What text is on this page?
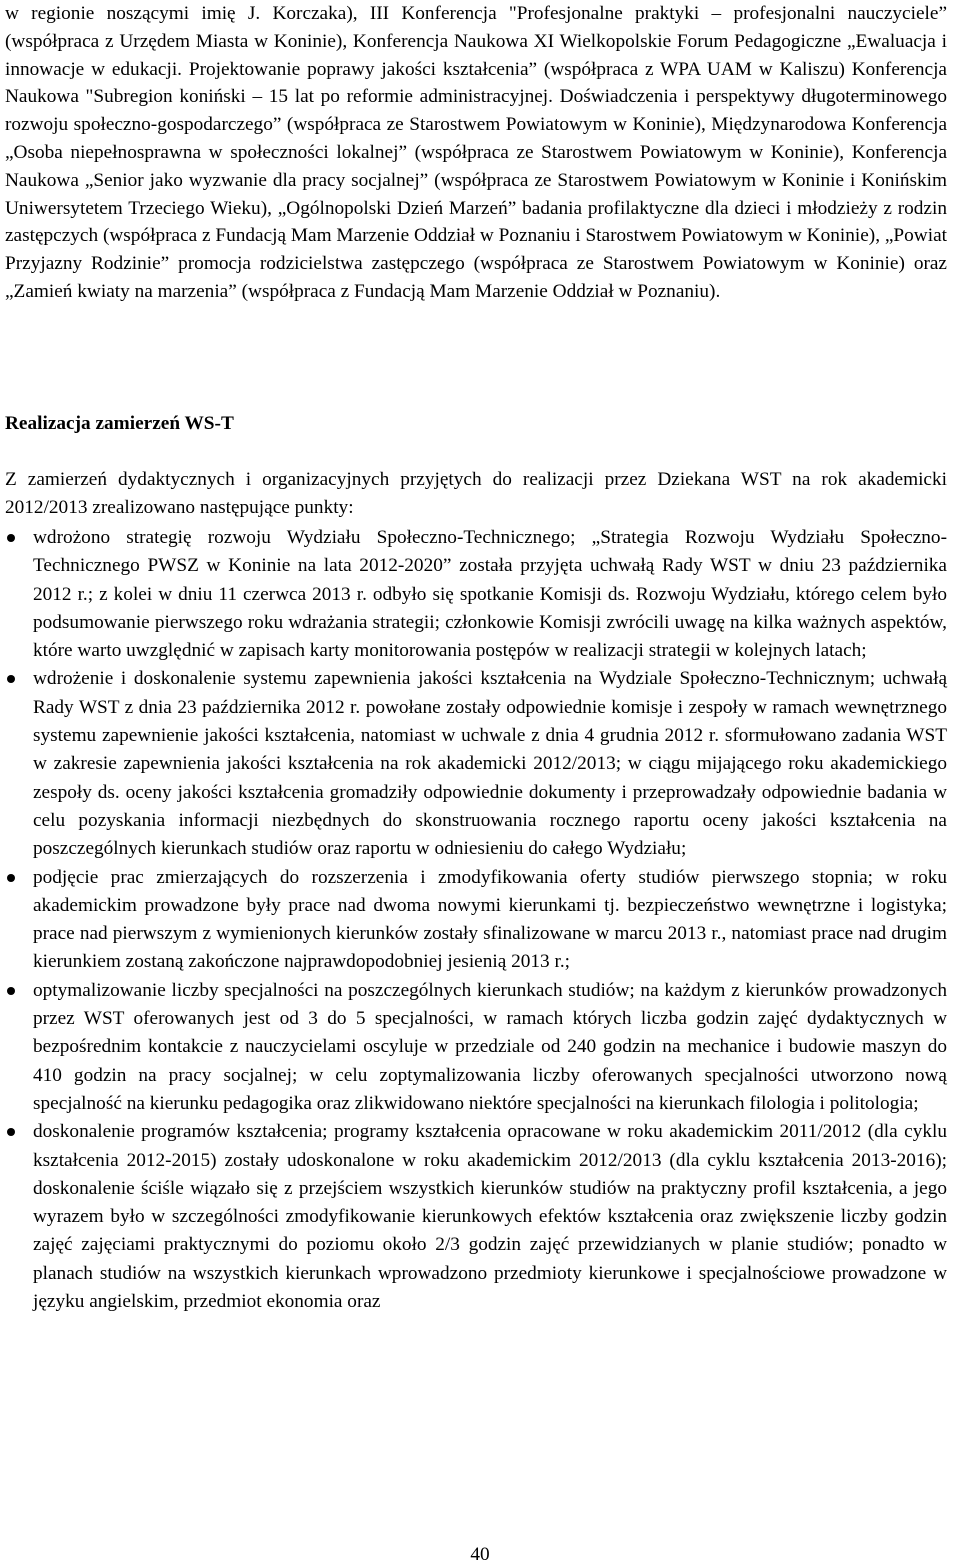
w regionie noszącymi imię J. Korczaka), III Konferencja "Profesjonalne praktyki – profesjonalni nauczyciele” (współpraca z Urzędem Miasta w Koninie), Konferencja Naukowa XI Wielkopolskie Forum Pedagogiczne „Ewaluacja i innowacje w edukacji. Projektowanie poprawy jakości kształcenia” (współpraca z WPA UAM w Kaliszu) Konferencja Naukowa "Subregion koniński – 15 lat po reformie administracyjnej. Doświadczenia i perspektywy długoterminowego rozwoju społeczno-gospodarczego” (współpraca ze Starostwem Powiatowym w Koninie), Międzynarodowa Konferencja „Osoba niepełnosprawna w społeczności lokalnej” (współpraca ze Starostwem Powiatowym w Koninie), Konferencja Naukowa „Senior jako wyzwanie dla pracy socjalnej” (współpraca ze Starostwem Powiatowym w Koninie i Konińskim Uniwersytetem Trzeciego Wieku), „Ogólnopolski Dzień Marzeń” badania profilaktyczne dla dzieci i młodzieży z rodzin zastępczych (współpraca z Fundacją Mam Marzenie Oddział w Poznaniu i Starostwem Powiatowym w Koninie), „Powiat Przyjazny Rodzinie” promocja rodzicielstwa zastępczego (współpraca ze Starostwem Powiatowym w Koninie) oraz „Zamień kwiaty na marzenia” (współpraca z Fundacją Mam Marzenie Oddział w Poznaniu).

Realizacja zamierzeń WS-T

Z zamierzeń dydaktycznych i organizacyjnych przyjętych do realizacji przez Dziekana WST na rok akademicki 2012/2013 zrealizowano następujące punkty:

wdrożono strategię rozwoju Wydziału Społeczno-Technicznego; „Strategia Rozwoju Wydziału Społeczno-Technicznego PWSZ w Koninie na lata 2012-2020” została przyjęta uchwałą Rady WST w dniu 23 października 2012 r.; z kolei w dniu 11 czerwca 2013 r. odbyło się spotkanie Komisji ds. Rozwoju Wydziału, którego celem było podsumowanie pierwszego roku wdrażania strategii; członkowie Komisji zwrócili uwagę na kilka ważnych aspektów, które warto uwzględnić w zapisach karty monitorowania postępów w realizacji strategii w kolejnych latach;
wdrożenie i doskonalenie systemu zapewnienia jakości kształcenia na Wydziale Społeczno-Technicznym; uchwałą Rady WST z dnia 23 października 2012 r. powołane zostały odpowiednie komisje i zespoły w ramach wewnętrznego systemu zapewnienie jakości kształcenia, natomiast w uchwale z dnia 4 grudnia 2012 r. sformułowano zadania WST w zakresie zapewnienia jakości kształcenia na rok akademicki 2012/2013; w ciągu mijającego roku akademickiego zespoły ds. oceny jakości kształcenia gromadziły odpowiednie dokumenty i przeprowadzały odpowiednie badania w celu pozyskania informacji niezbędnych do skonstruowania rocznego raportu oceny jakości kształcenia na poszczególnych kierunkach studiów oraz raportu w odniesieniu do całego Wydziału;
podjęcie prac zmierzających do rozszerzenia i zmodyfikowania oferty studiów pierwszego stopnia; w roku akademickim prowadzone były prace nad dwoma nowymi kierunkami tj. bezpieczeństwo wewnętrzne i logistyka; prace nad pierwszym z wymienionych kierunków zostały sfinalizowane w marcu 2013 r., natomiast prace nad drugim kierunkiem zostaną zakończone najprawdopodobniej jesienią 2013 r.;
optymalizowanie liczby specjalności na poszczególnych kierunkach studiów; na każdym z kierunków prowadzonych przez WST oferowanych jest od 3 do 5 specjalności, w ramach których liczba godzin zajęć dydaktycznych w bezpośrednim kontakcie z nauczycielami oscyluje w przedziale od 240 godzin na mechanice i budowie maszyn do 410 godzin na pracy socjalnej; w celu zoptymalizowania liczby oferowanych specjalności utworzono nową specjalność na kierunku pedagogika oraz zlikwidowano niektóre specjalności na kierunkach filologia i politologia;
doskonalenie programów kształcenia; programy kształcenia opracowane w roku akademickim 2011/2012 (dla cyklu kształcenia 2012-2015) zostały udoskonalone w roku akademickim 2012/2013 (dla cyklu kształcenia 2013-2016); doskonalenie ściśle wiązało się z przejściem wszystkich kierunków studiów na praktyczny profil kształcenia, a jego wyrazem było w szczególności zmodyfikowanie kierunkowych efektów kształcenia oraz zwiększenie liczby godzin zajęć zajęciami praktycznymi do poziomu około 2/3 godzin zajęć przewidzianych w planie studiów; ponadto w planach studiów na wszystkich kierunkach wprowadzono przedmioty kierunkowe i specjalnościowe prowadzone w języku angielskim, przedmiot ekonomia oraz
40
